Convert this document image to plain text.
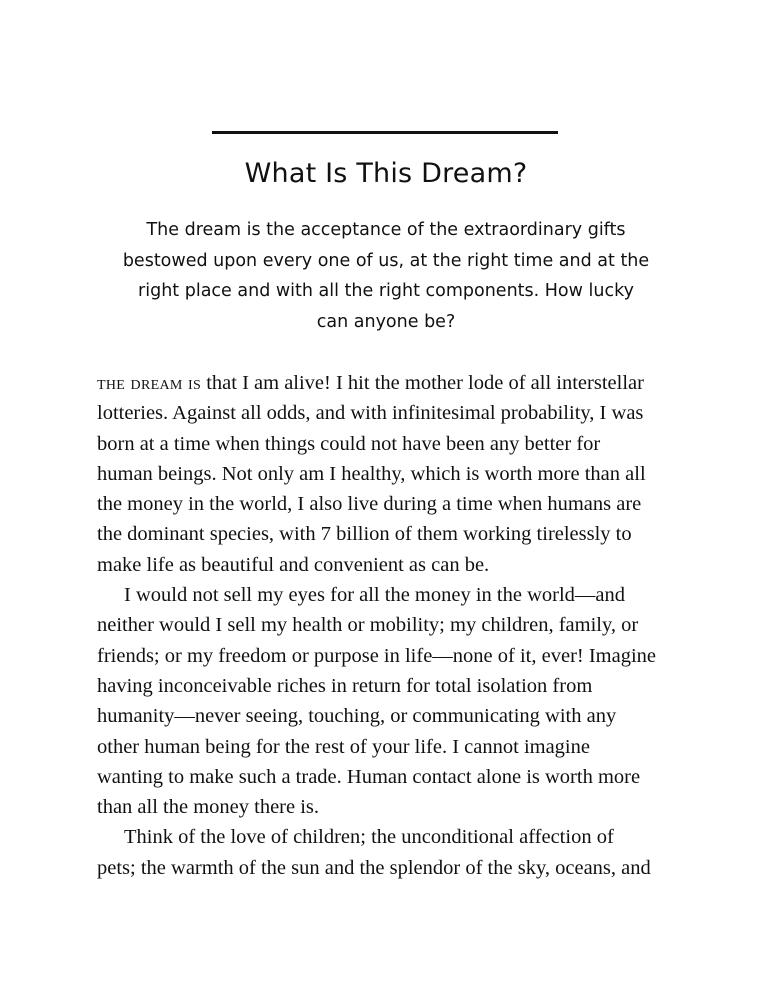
What Is This Dream?
The dream is the acceptance of the extraordinary gifts
bestowed upon every one of us, at the right time and at the
right place and with all the right components. How lucky
can anyone be?

the dream is that I am alive! I hit the mother lode of all interstellar
lotteries. Against all odds, and with infinitesimal probability, I was
born at a time when things could not have been any better for
human beings. Not only am I healthy, which is worth more than all
the money in the world, I also live during a time when humans are
the dominant species, with 7 billion of them working tirelessly to
make life as beautiful and convenient as can be.

I would not sell my eyes for all the money in the world—and
neither would I sell my health or mobility; my children, family, or
friends; or my freedom or purpose in life—none of it, ever! Imagine
having inconceivable riches in return for total isolation from
humanity—never seeing, touching, or communicating with any
other human being for the rest of your life. I cannot imagine
wanting to make such a trade. Human contact alone is worth more
than all the money there is.

Think of the love of children; the unconditional affection of
pets; the warmth of the sun and the splendor of the sky, oceans, and
